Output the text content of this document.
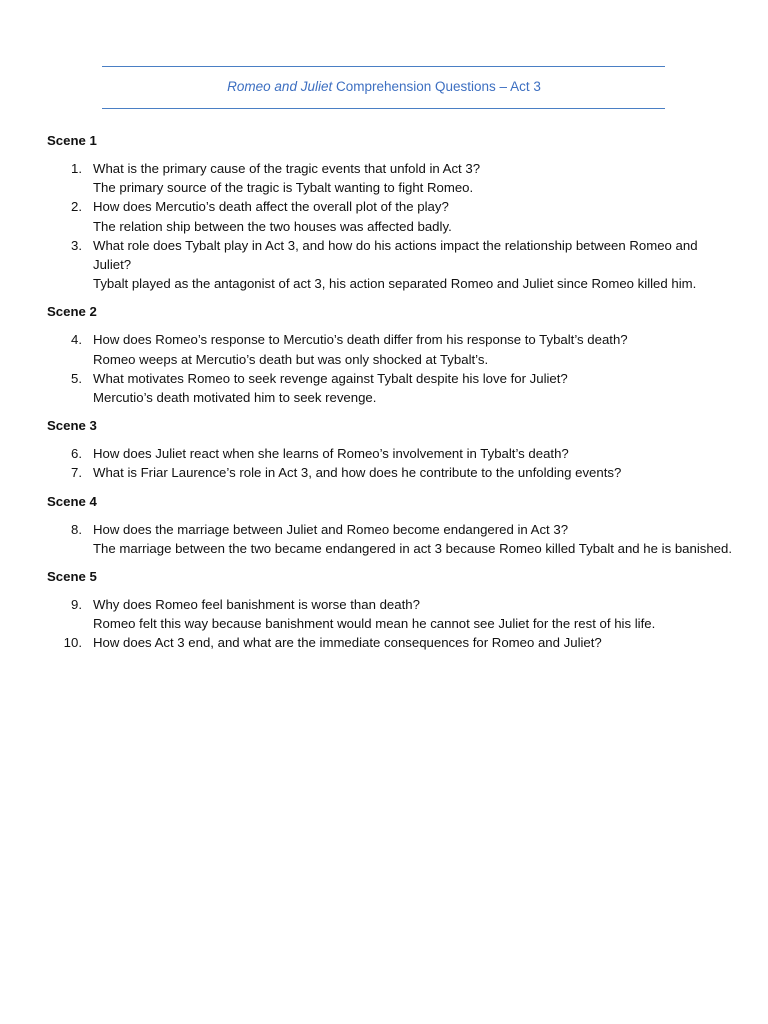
Romeo and Juliet Comprehension Questions – Act 3
Scene 1
1. What is the primary cause of the tragic events that unfold in Act 3?
The primary source of the tragic is Tybalt wanting to fight Romeo.
2. How does Mercutio’s death affect the overall plot of the play?
The relation ship between the two houses was affected badly.
3. What role does Tybalt play in Act 3, and how do his actions impact the relationship between Romeo and Juliet?
Tybalt played as the antagonist of act 3, his action separated Romeo and Juliet since Romeo killed him.
Scene 2
4. How does Romeo’s response to Mercutio’s death differ from his response to Tybalt’s death?
Romeo weeps at Mercutio’s death but was only shocked at Tybalt’s.
5. What motivates Romeo to seek revenge against Tybalt despite his love for Juliet?
Mercutio’s death motivated him to seek revenge.
Scene 3
6. How does Juliet react when she learns of Romeo’s involvement in Tybalt’s death?
7. What is Friar Laurence’s role in Act 3, and how does he contribute to the unfolding events?
Scene 4
8. How does the marriage between Juliet and Romeo become endangered in Act 3?
The marriage between the two became endangered in act 3 because Romeo killed Tybalt and he is banished.
Scene 5
9. Why does Romeo feel banishment is worse than death?
Romeo felt this way because banishment would mean he cannot see Juliet for the rest of his life.
10. How does Act 3 end, and what are the immediate consequences for Romeo and Juliet?
